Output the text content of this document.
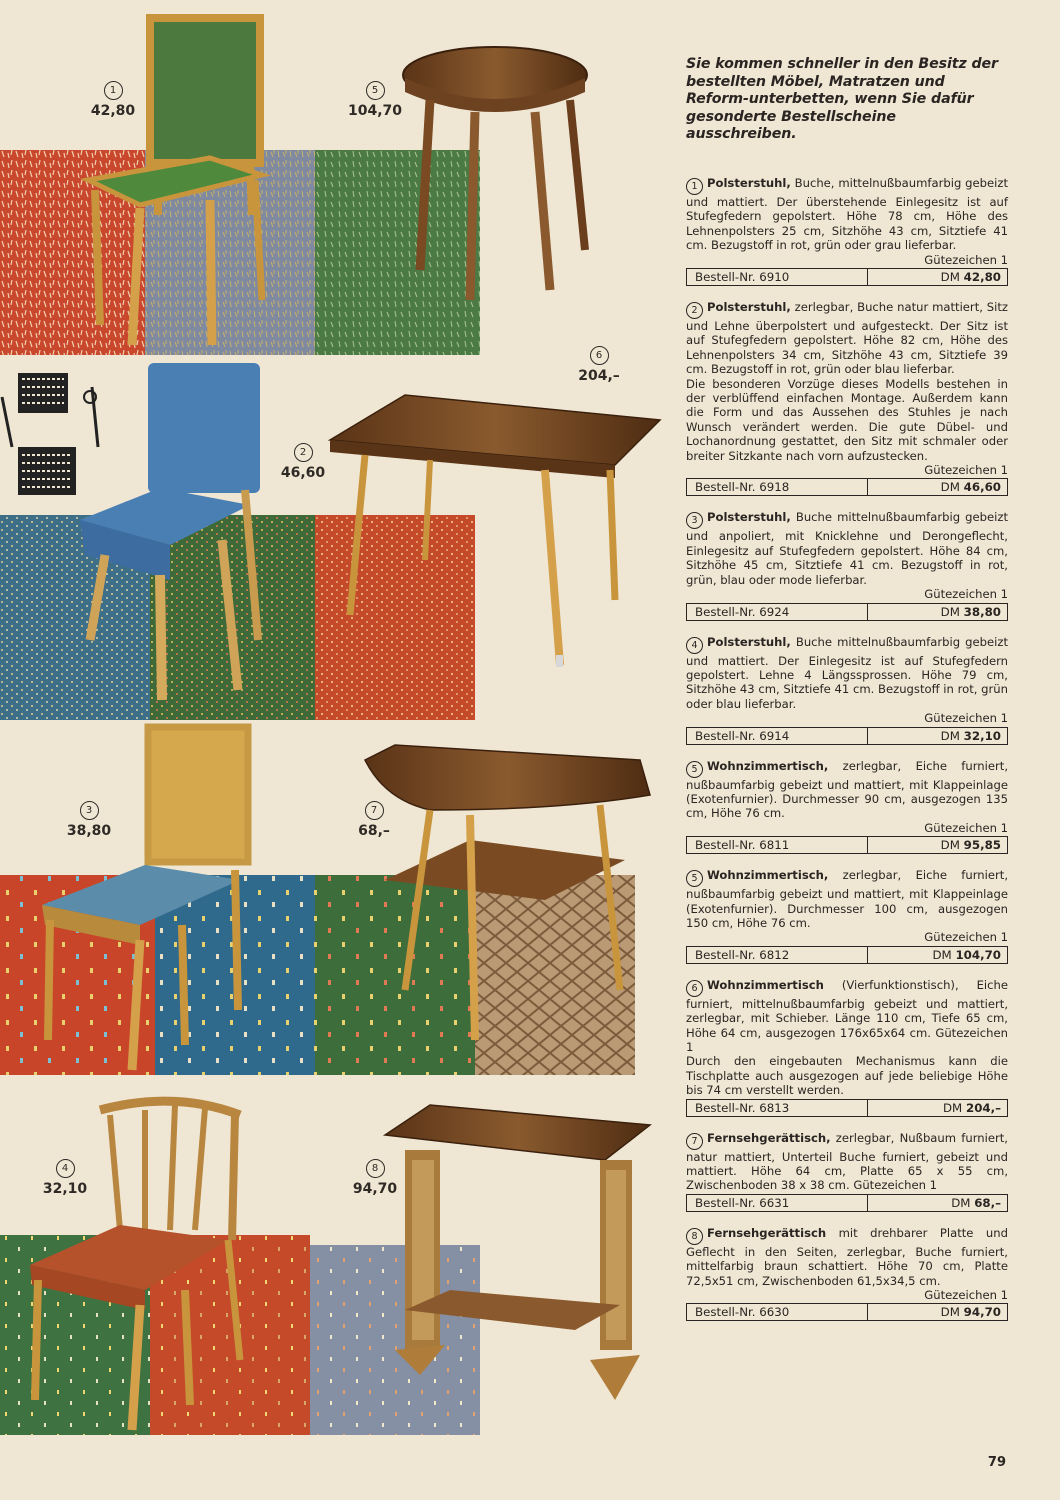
1
42,80
5
104,70
6
204,–
2
46,60
3
38,80
7
68,–
4
32,10
8
94,70

Sie kommen schneller in den Besitz der bestellten Möbel, Matratzen und Reform-unterbetten, wenn Sie dafür gesonderte Bestellscheine ausschreiben.

1 Polsterstuhl, Buche, mittelnußbaumfarbig gebeizt und mattiert. Der überstehende Einlegesitz ist auf Stufegfedern gepolstert. Höhe 78 cm, Höhe des Lehnenpolsters 25 cm, Sitzhöhe 43 cm, Sitztiefe 41 cm. Bezugstoff in rot, grün oder grau lieferbar.

Gütezeichen 1
Bestell-Nr. 6910	DM 42,80

2 Polsterstuhl, zerlegbar, Buche natur mattiert, Sitz und Lehne überpolstert und aufgesteckt. Der Sitz ist auf Stufegfedern gepolstert. Höhe 82 cm, Höhe des Lehnenpolsters 34 cm, Sitzhöhe 43 cm, Sitztiefe 39 cm. Bezugstoff in rot, grün oder blau lieferbar.

Die besonderen Vorzüge dieses Modells bestehen in der verblüffend einfachen Montage. Außerdem kann die Form und das Aussehen des Stuhles je nach Wunsch verändert werden. Die gute Dübel- und Lochanordnung gestattet, den Sitz mit schmaler oder breiter Sitzkante nach vorn aufzustecken.

Gütezeichen 1
Bestell-Nr. 6918	DM 46,60

3 Polsterstuhl, Buche mittelnußbaumfarbig gebeizt und anpoliert, mit Knicklehne und Derongeflecht, Einlegesitz auf Stufegfedern gepolstert. Höhe 84 cm, Sitzhöhe 45 cm, Sitztiefe 41 cm. Bezugstoff in rot, grün, blau oder mode lieferbar.

Gütezeichen 1
Bestell-Nr. 6924	DM 38,80

4 Polsterstuhl, Buche mittelnußbaumfarbig gebeizt und mattiert. Der Einlegesitz ist auf Stufegfedern gepolstert. Lehne 4 Längssprossen. Höhe 79 cm, Sitzhöhe 43 cm, Sitztiefe 41 cm. Bezugstoff in rot, grün oder blau lieferbar.

Gütezeichen 1
Bestell-Nr. 6914	DM 32,10

5 Wohnzimmertisch, zerlegbar, Eiche furniert, nußbaumfarbig gebeizt und mattiert, mit Klappeinlage (Exotenfurnier). Durchmesser 90 cm, ausgezogen 135 cm, Höhe 76 cm.

Gütezeichen 1
Bestell-Nr. 6811	DM 95,85

5 Wohnzimmertisch, zerlegbar, Eiche furniert, nußbaumfarbig gebeizt und mattiert, mit Klappeinlage (Exotenfurnier). Durchmesser 100 cm, ausgezogen 150 cm, Höhe 76 cm.

Gütezeichen 1
Bestell-Nr. 6812	DM 104,70

6 Wohnzimmertisch (Vierfunktionstisch), Eiche furniert, mittelnußbaumfarbig gebeizt und mattiert, zerlegbar, mit Schieber. Länge 110 cm, Tiefe 65 cm, Höhe 64 cm, ausgezogen 176x65x64 cm. Gütezeichen 1

Durch den eingebauten Mechanismus kann die Tischplatte auch ausgezogen auf jede beliebige Höhe bis 74 cm verstellt werden.

Bestell-Nr. 6813	DM 204,–

7 Fernsehgerättisch, zerlegbar, Nußbaum furniert, natur mattiert, Unterteil Buche furniert, gebeizt und mattiert. Höhe 64 cm, Platte 65 x 55 cm, Zwischenboden 38 x 38 cm. Gütezeichen 1

Bestell-Nr. 6631	DM 68,–

8 Fernsehgerättisch mit drehbarer Platte und Geflecht in den Seiten, zerlegbar, Buche furniert, mittelfarbig braun schattiert. Höhe 70 cm, Platte 72,5x51 cm, Zwischenboden 61,5x34,5 cm.

Gütezeichen 1
Bestell-Nr. 6630	DM 94,70
79
